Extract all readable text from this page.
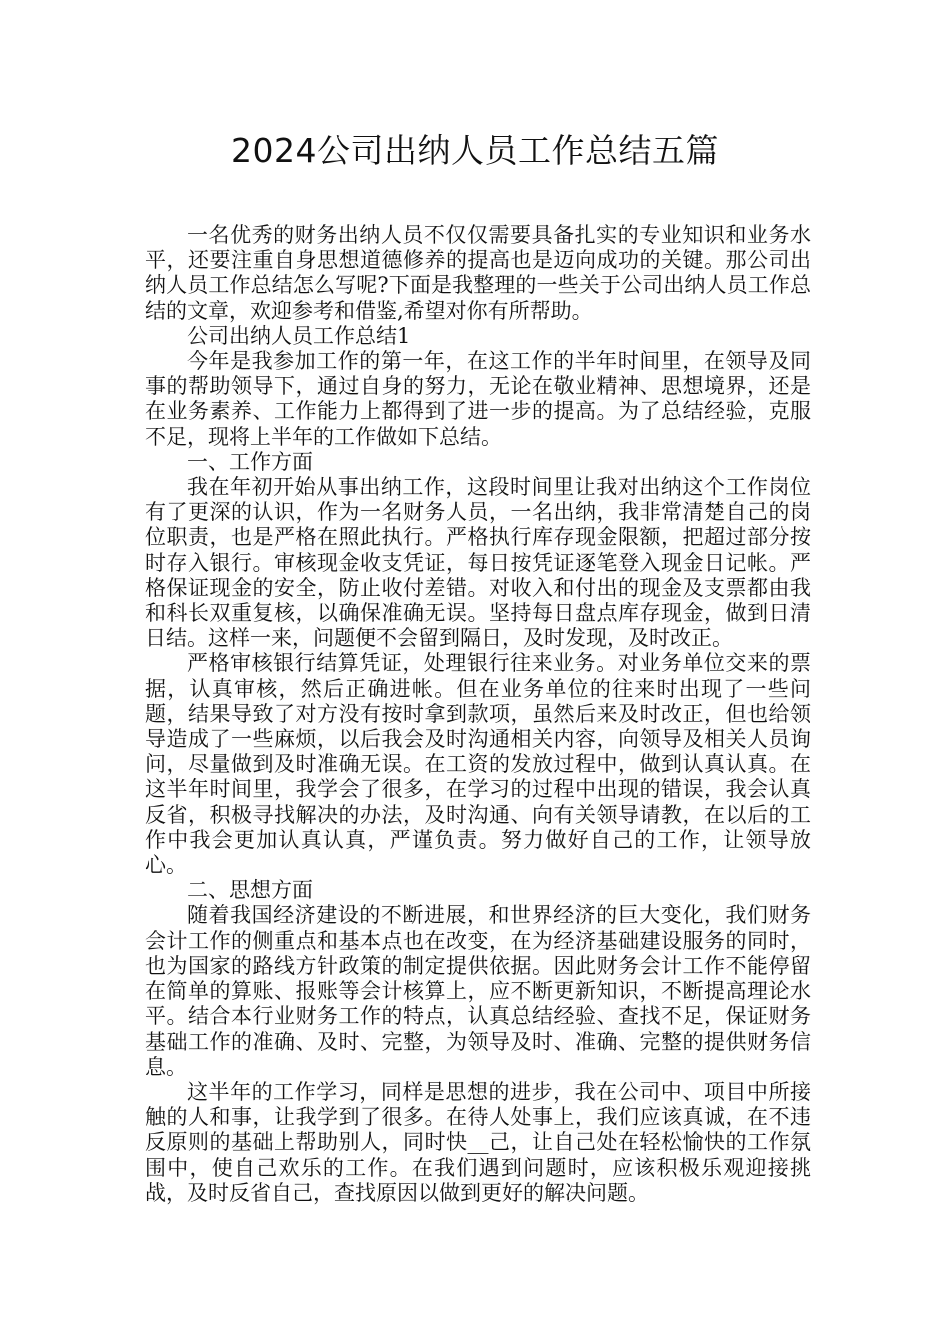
2024公司出纳人员工作总结五篇

一名优秀的财务出纳人员不仅仅需要具备扎实的专业知识和业务水平，还要注重自身思想道德修养的提高也是迈向成功的关键。那公司出纳人员工作总结怎么写呢?下面是我整理的一些关于公司出纳人员工作总结的文章，欢迎参考和借鉴,希望对你有所帮助。

公司出纳人员工作总结1

今年是我参加工作的第一年，在这工作的半年时间里，在领导及同事的帮助领导下，通过自身的努力，无论在敬业精神、思想境界，还是在业务素养、工作能力上都得到了进一步的提高。为了总结经验，克服不足，现将上半年的工作做如下总结。

一、工作方面

我在年初开始从事出纳工作，这段时间里让我对出纳这个工作岗位有了更深的认识，作为一名财务人员，一名出纳，我非常清楚自己的岗位职责，也是严格在照此执行。严格执行库存现金限额，把超过部分按时存入银行。审核现金收支凭证，每日按凭证逐笔登入现金日记帐。严格保证现金的安全，防止收付差错。对收入和付出的现金及支票都由我和科长双重复核，以确保准确无误。坚持每日盘点库存现金，做到日清日结。这样一来，问题便不会留到隔日，及时发现，及时改正。

严格审核银行结算凭证，处理银行往来业务。对业务单位交来的票据，认真审核，然后正确进帐。但在业务单位的往来时出现了一些问题，结果导致了对方没有按时拿到款项，虽然后来及时改正，但也给领导造成了一些麻烦，以后我会及时沟通相关内容，向领导及相关人员询问，尽量做到及时准确无误。在工资的发放过程中，做到认真认真。在这半年时间里，我学会了很多，在学习的过程中出现的错误，我会认真反省，积极寻找解决的办法，及时沟通、向有关领导请教，在以后的工作中我会更加认真认真，严谨负责。努力做好自己的工作，让领导放心。

二、思想方面

随着我国经济建设的不断进展，和世界经济的巨大变化，我们财务会计工作的侧重点和基本点也在改变，在为经济基础建设服务的同时，也为国家的路线方针政策的制定提供依据。因此财务会计工作不能停留在简单的算账、报账等会计核算上，应不断更新知识，不断提高理论水平。结合本行业财务工作的特点，认真总结经验、查找不足，保证财务基础工作的准确、及时、完整，为领导及时、准确、完整的提供财务信息。

这半年的工作学习，同样是思想的进步，我在公司中、项目中所接触的人和事，让我学到了很多。在待人处事上，我们应该真诚，在不违反原则的基础上帮助别人，同时快__己，让自己处在轻松愉快的工作氛围中，使自己欢乐的工作。在我们遇到问题时，应该积极乐观迎接挑战，及时反省自己，查找原因以做到更好的解决问题。
